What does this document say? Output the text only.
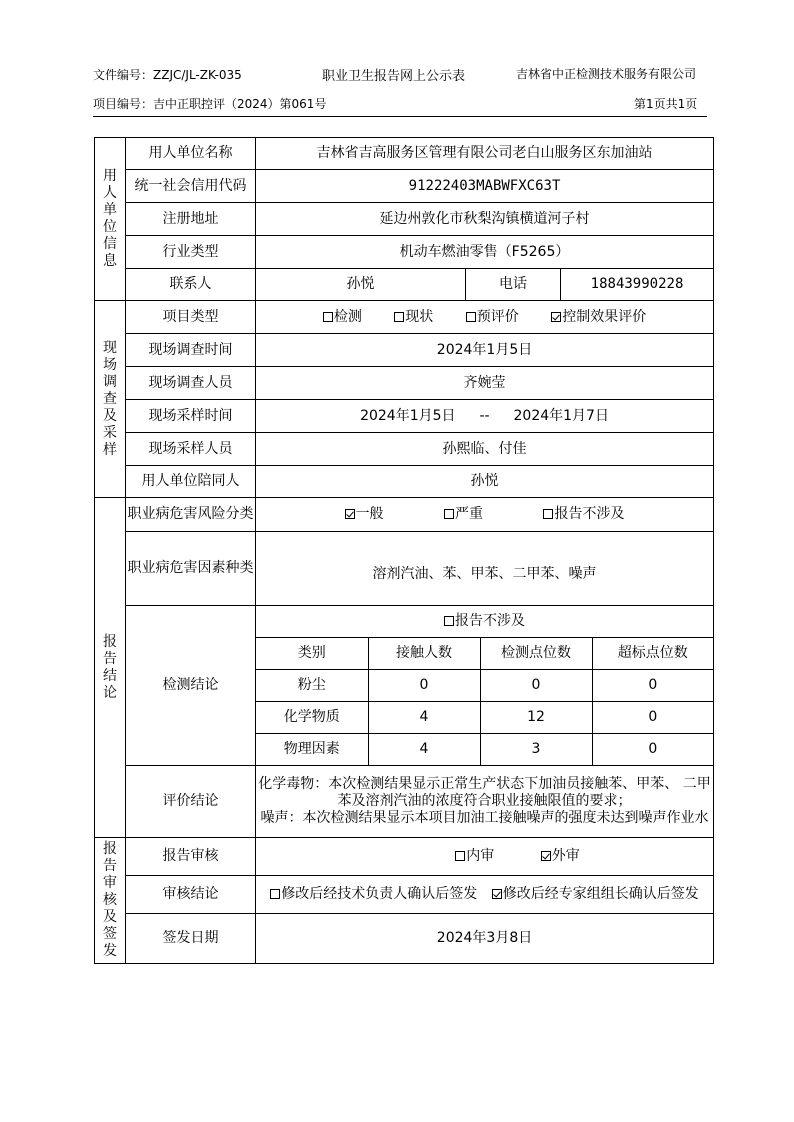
文件编号：ZZJC/JL-ZK-035	职业卫生报告网上公示表	吉林省中正检测技术服务有限公司
项目编号：吉中正职控评（2024）第061号	第1页共1页
用人单位信息
	用人单位名称	吉林省吉高服务区管理有限公司老白山服务区东加油站
统一社会信用代码	91222403MABWFXC63T
注册地址	延边州敦化市秋梨沟镇横道河子村
行业类型	机动车燃油零售（F5265）
联系人	孙悦	电话	18843990228

现场调查及采样
	项目类型	检测	现状	预评价	控制效果评价
现场调查时间	2024年1月5日
现场调查人员	齐婉莹
现场采样时间	2024年1月5日 -- 2024年1月7日
现场采样人员	孙熙临、付佳
用人单位陪同人	孙悦

报告结论
	职业病危害风险分类	一般	严重	报告不涉及
职业病危害因素种类	溶剂汽油、苯、甲苯、二甲苯、噪声

检测结论	报告不涉及

类别	接触人数	检测点位数	超标点位数
粉尘	0	0	0
化学物质	4	12	0
物理因素	4	3	0

评价结论	
化学毒物：本次检测结果显示正常生产状态下加油员接触苯、甲苯、 二甲苯及溶剂汽油的浓度符合职业接触限值的要求；
噪声：本次检测结果显示本项目加油工接触噪声的强度未达到噪声作业水

报告审核及签发
	报告审核	内审	外审
审核结论	修改后经技术负责人确认后签发 修改后经专家组组长确认后签发
签发日期	2024年3月8日
